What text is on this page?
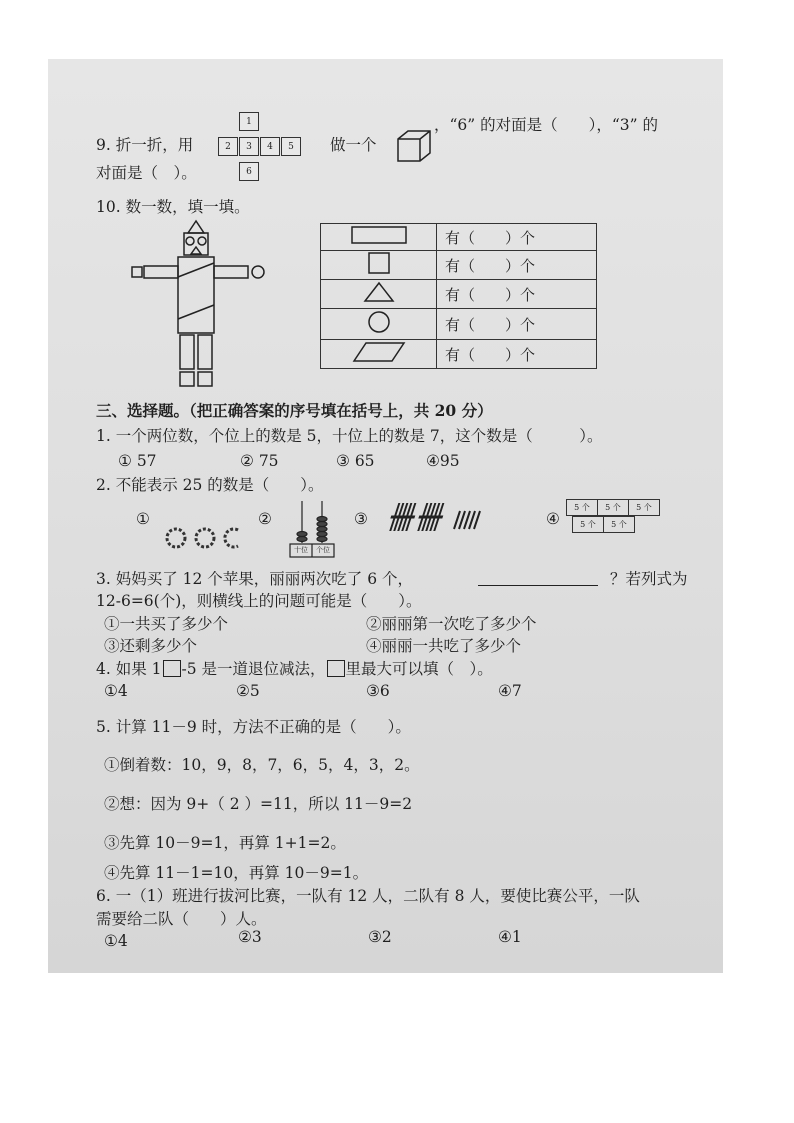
9. 折一折，用
1
2	3	4	5
6
做一个
，“6” 的对面是（　　），“3” 的
对面是（　）。
10. 数一数，填一填。
	有（　　）个
	有（　　）个
	有（　　）个
	有（　　）个
	有（　　）个
三、选择题。（把正确答案的序号填在括号上，共 20 分）
1. 一个两位数，个位上的数是 5，十位上的数是 7，这个数是（　　　）。
① 57	② 75	③ 65	④95
2. 不能表示 25 的数是（　　）。
①	②
十位	个位
③	④
5 个	5 个	5 个
5 个	5 个
3. 妈妈买了 12 个苹果，丽丽两次吃了 6 个，	？若列式为
12-6=6(个)，则横线上的问题可能是（　　）。
①一共买了多少个	②丽丽第一次吃了多少个
③还剩多少个	④丽丽一共吃了多少个
4. 如果 1 -5 是一道退位减法， 里最大可以填（　）。
①4	②5	③6	④7
5. 计算 11－9 时，方法不正确的是（　　）。
①倒着数：10，9，8，7，6，5，4，3，2。
②想：因为 9+（ 2 ）=11，所以 11－9=2
③先算 10－9=1，再算 1+1=2。
④先算 11－1=10，再算 10－9=1。
6. 一（1）班进行拔河比赛，一队有 12 人，二队有 8 人，要使比赛公平，一队
需要给二队（　　）人。
①4	②3	③2	④1
